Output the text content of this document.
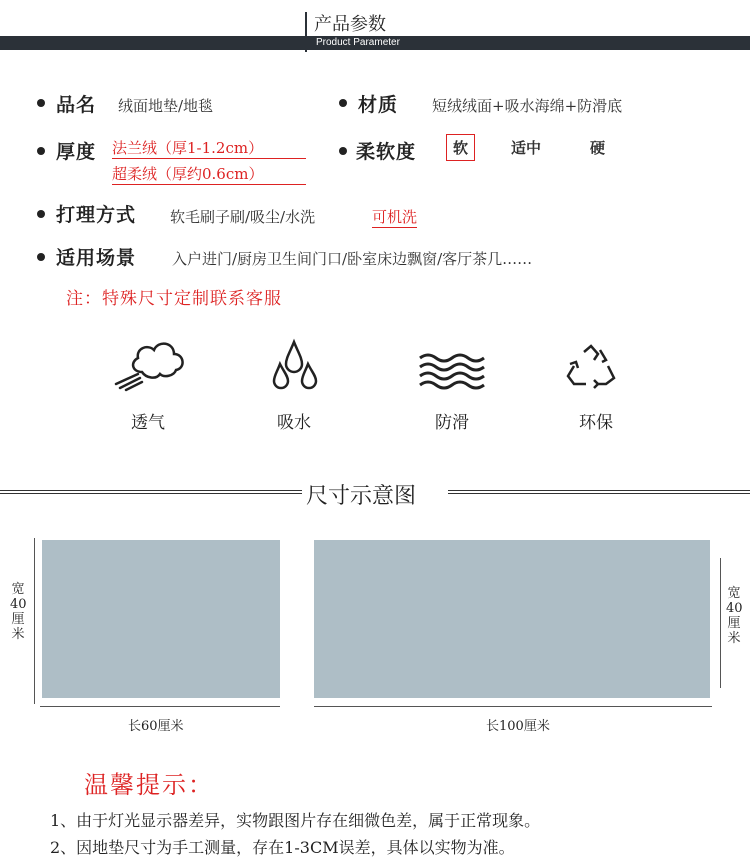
产品参数
Product Parameter
品名 绒面地垫/地毯	材质 短绒绒面+吸水海绵+防滑底
厚度 法兰绒（厚1-1.2cm）
超柔绒（厚约0.6cm）
柔软度	软	适中	硬
打理方式 软毛刷子刷/吸尘/水洗	可机洗
适用场景 入户进门/厨房卫生间门口/卧室床边飘窗/客厅茶几……
注：特殊尺寸定制联系客服
透气	吸水	防滑	环保
尺寸示意图
宽40厘米
长60厘米
宽40厘米
长100厘米
温馨提示：
1、由于灯光显示器差异，实物跟图片存在细微色差，属于正常现象。
2、因地垫尺寸为手工测量，存在1-3CM误差，具体以实物为准。
